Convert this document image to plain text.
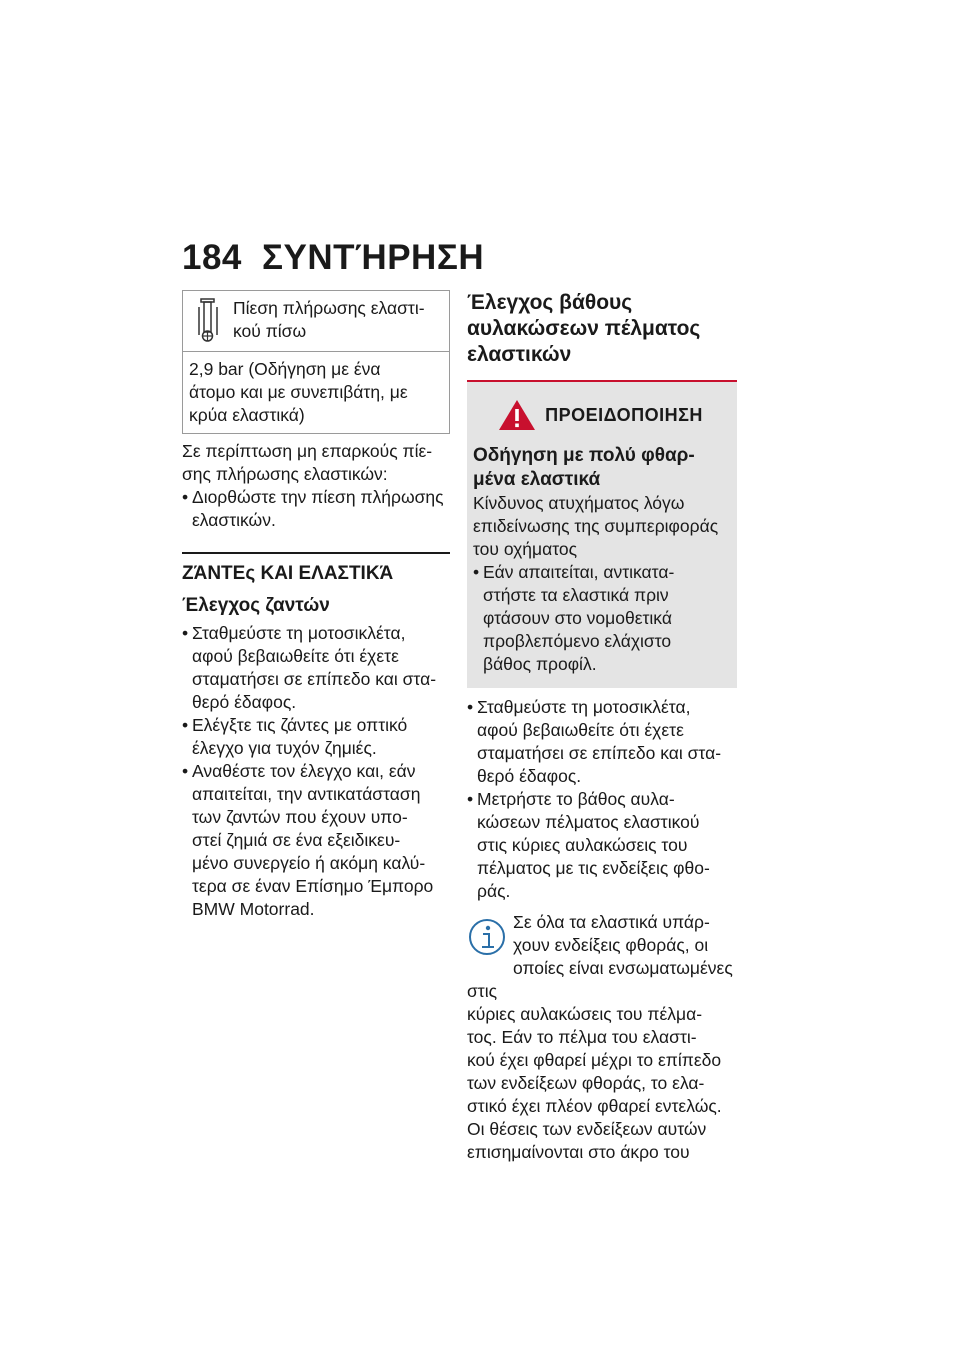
184 ΣΥΝΤΉΡΗΣΗ
Πίεση πλήρωσης ελαστι-
κού πίσω
2,9 bar (Οδήγηση με ένα
άτομο και με συνεπιβάτη, με
κρύα ελαστικά)
Σε περίπτωση μη επαρκούς πίε-
σης πλήρωσης ελαστικών:
• Διορθώστε την πίεση πλήρωσης
ελαστικών.
ΖΆΝΤΕς ΚΑΙ ΕΛΑΣΤΙΚΆ
Έλεγχος ζαντών
• Σταθμεύστε τη μοτοσικλέτα,
αφού βεβαιωθείτε ότι έχετε
σταματήσει σε επίπεδο και στα-
θερό έδαφος.
• Ελέγξτε τις ζάντες με οπτικό
έλεγχο για τυχόν ζημιές.
• Αναθέστε τον έλεγχο και, εάν
απαιτείται, την αντικατάσταση
των ζαντών που έχουν υπο-
στεί ζημιά σε ένα εξειδικευ-
μένο συνεργείο ή ακόμη καλύ-
τερα σε έναν Επίσημο Έμπορο
BMW Motorrad.
Έλεγχος βάθους
αυλακώσεων πέλματος
ελαστικών
ΠΡΟΕΙΔΟΠΟΙΗΣΗ
Οδήγηση με πολύ φθαρ-
μένα ελαστικά
Κίνδυνος ατυχήματος λόγω
επιδείνωσης της συμπεριφοράς
του οχήματος
• Εάν απαιτείται, αντικατα-
στήστε τα ελαστικά πριν
φτάσουν στο νομοθετικά
προβλεπόμενο ελάχιστο
βάθος προφίλ.
• Σταθμεύστε τη μοτοσικλέτα,
αφού βεβαιωθείτε ότι έχετε
σταματήσει σε επίπεδο και στα-
θερό έδαφος.
• Μετρήστε το βάθος αυλα-
κώσεων πέλματος ελαστικού
στις κύριες αυλακώσεις του
πέλματος με τις ενδείξεις φθο-
ράς.
Σε όλα τα ελαστικά υπάρ-
χουν ενδείξεις φθοράς, οι
οποίες είναι ενσωματωμένες στις
κύριες αυλακώσεις του πέλμα-
τος. Εάν το πέλμα του ελαστι-
κού έχει φθαρεί μέχρι το επίπεδο
των ενδείξεων φθοράς, το ελα-
στικό έχει πλέον φθαρεί εντελώς.
Οι θέσεις των ενδείξεων αυτών
επισημαίνονται στο άκρο του
